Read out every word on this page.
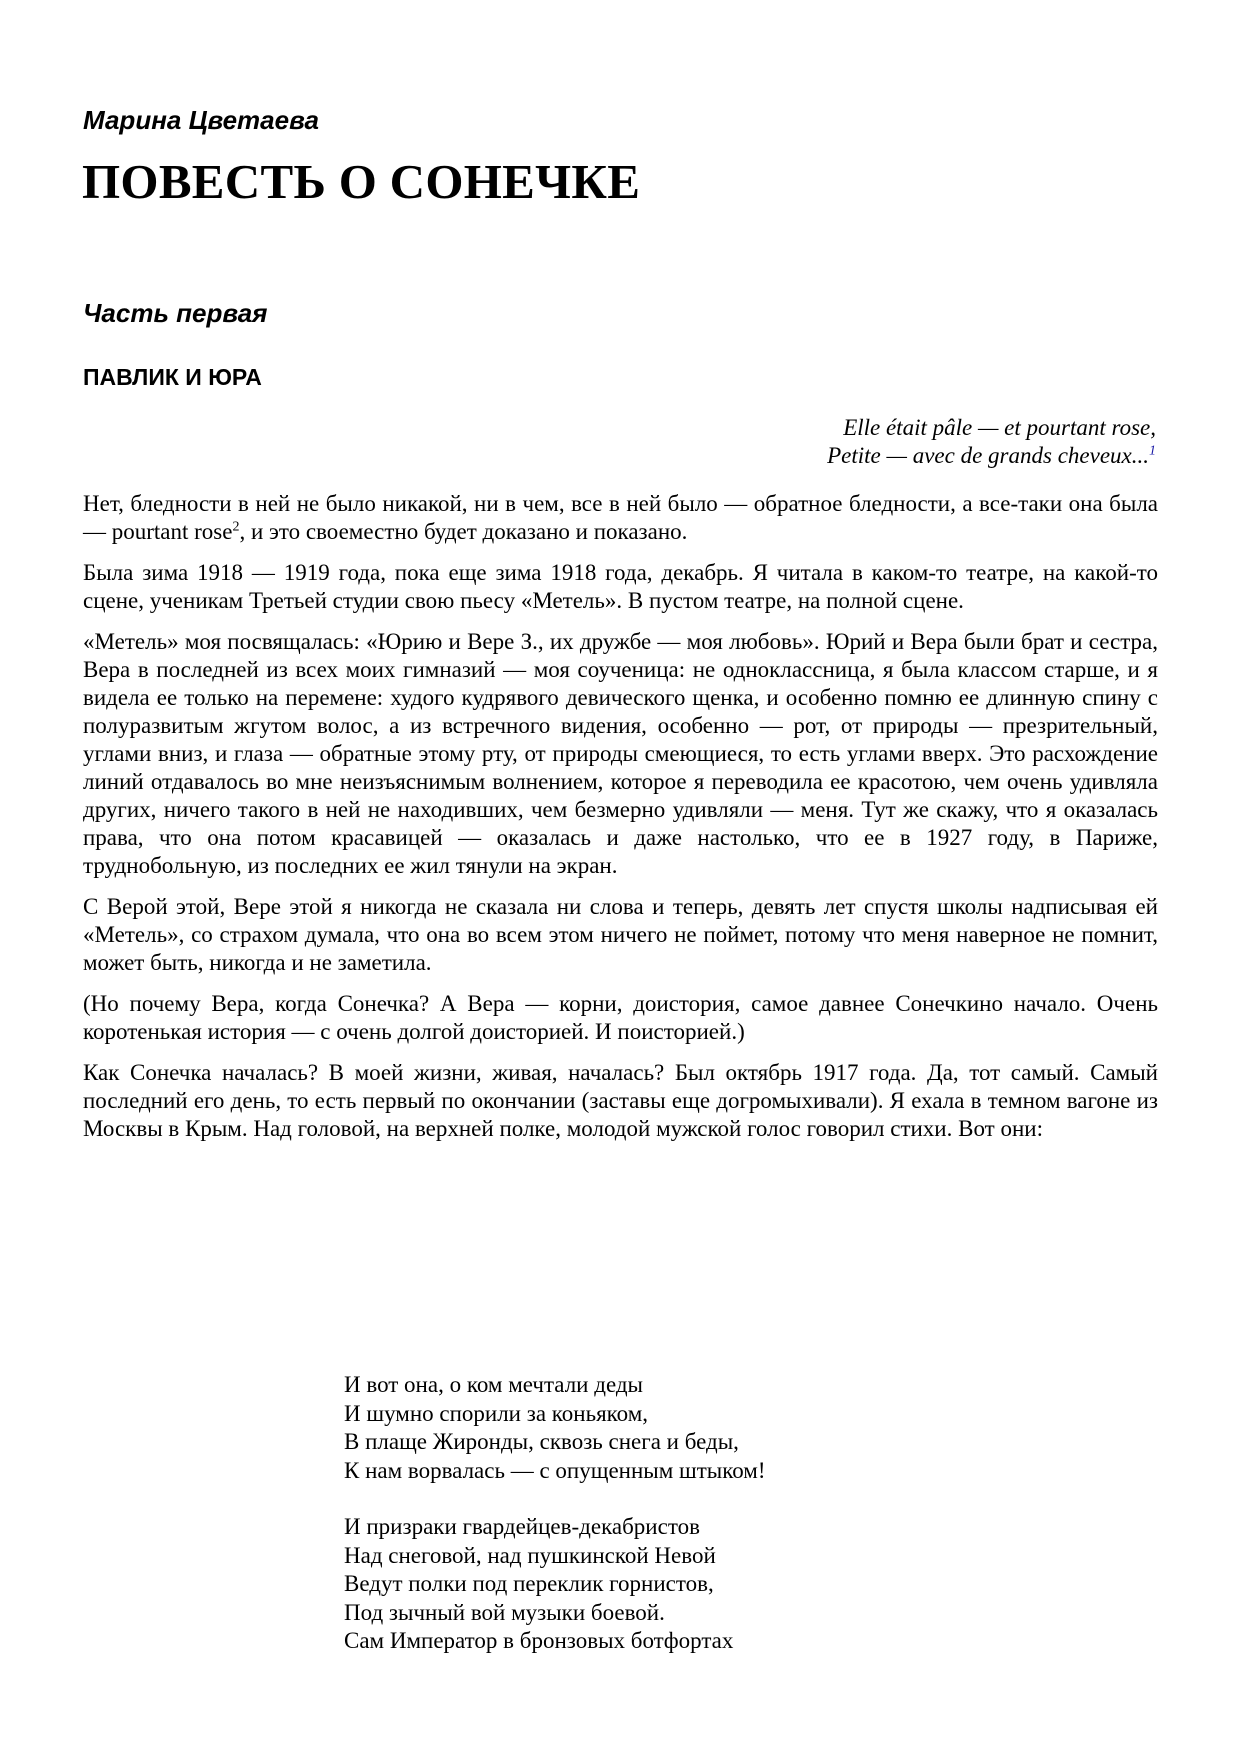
Марина Цветаева
ПОВЕСТЬ О СОНЕЧКЕ
Часть первая
ПАВЛИК И ЮРА
Elle était pâle — et pourtant rose,
Petite — avec de grands cheveux...$^1$

Нет, бледности в ней не было никакой, ни в чем, все в ней было — обратное бледности, а все-таки она была — pourtant rose$^2$, и это своеместно будет доказано и показано.

Была зима 1918 — 1919 года, пока еще зима 1918 года, декабрь. Я читала в каком-то театре, на какой-то сцене, ученикам Третьей студии свою пьесу «Метель». В пустом театре, на полной сцене.

«Метель» моя посвящалась: «Юрию и Вере З., их дружбе — моя любовь». Юрий и Вера были брат и сестра, Вера в последней из всех моих гимназий — моя соученица: не одноклассница, я была классом старше, и я видела ее только на перемене: худого кудрявого девического щенка, и особенно помню ее длинную спину с полуразвитым жгутом волос, а из встречного видения, особенно — рот, от природы — презрительный, углами вниз, и глаза — обратные этому рту, от природы смеющиеся, то есть углами вверх. Это расхождение линий отдавалось во мне неизъяснимым волнением, которое я переводила ее красотою, чем очень удивляла других, ничего такого в ней не находивших, чем безмерно удивляли — меня. Тут же скажу, что я оказалась права, что она потом красавицей — оказалась и даже настолько, что ее в 1927 году, в Париже, труднобольную, из последних ее жил тянули на экран.

С Верой этой, Вере этой я никогда не сказала ни слова и теперь, девять лет спустя школы надписывая ей «Метель», со страхом думала, что она во всем этом ничего не поймет, потому что меня наверное не помнит, может быть, никогда и не заметила.

(Но почему Вера, когда Сонечка? А Вера — корни, доистория, самое давнее Сонечкино начало. Очень коротенькая история — с очень долгой доисторией. И поисторией.)

Как Сонечка началась? В моей жизни, живая, началась? Был октябрь 1917 года. Да, тот самый. Самый последний его день, то есть первый по окончании (заставы еще догромыхивали). Я ехала в темном вагоне из Москвы в Крым. Над головой, на верхней полке, молодой мужской голос говорил стихи. Вот они:

И вот она, о ком мечтали деды
И шумно спорили за коньяком,
В плаще Жиронды, сквозь снега и беды,
К нам ворвалась — с опущенным штыком!
И призраки гвардейцев-декабристов
Над снеговой, над пушкинской Невой
Ведут полки под переклик горнистов,
Под зычный вой музыки боевой.
Сам Император в бронзовых ботфортах
